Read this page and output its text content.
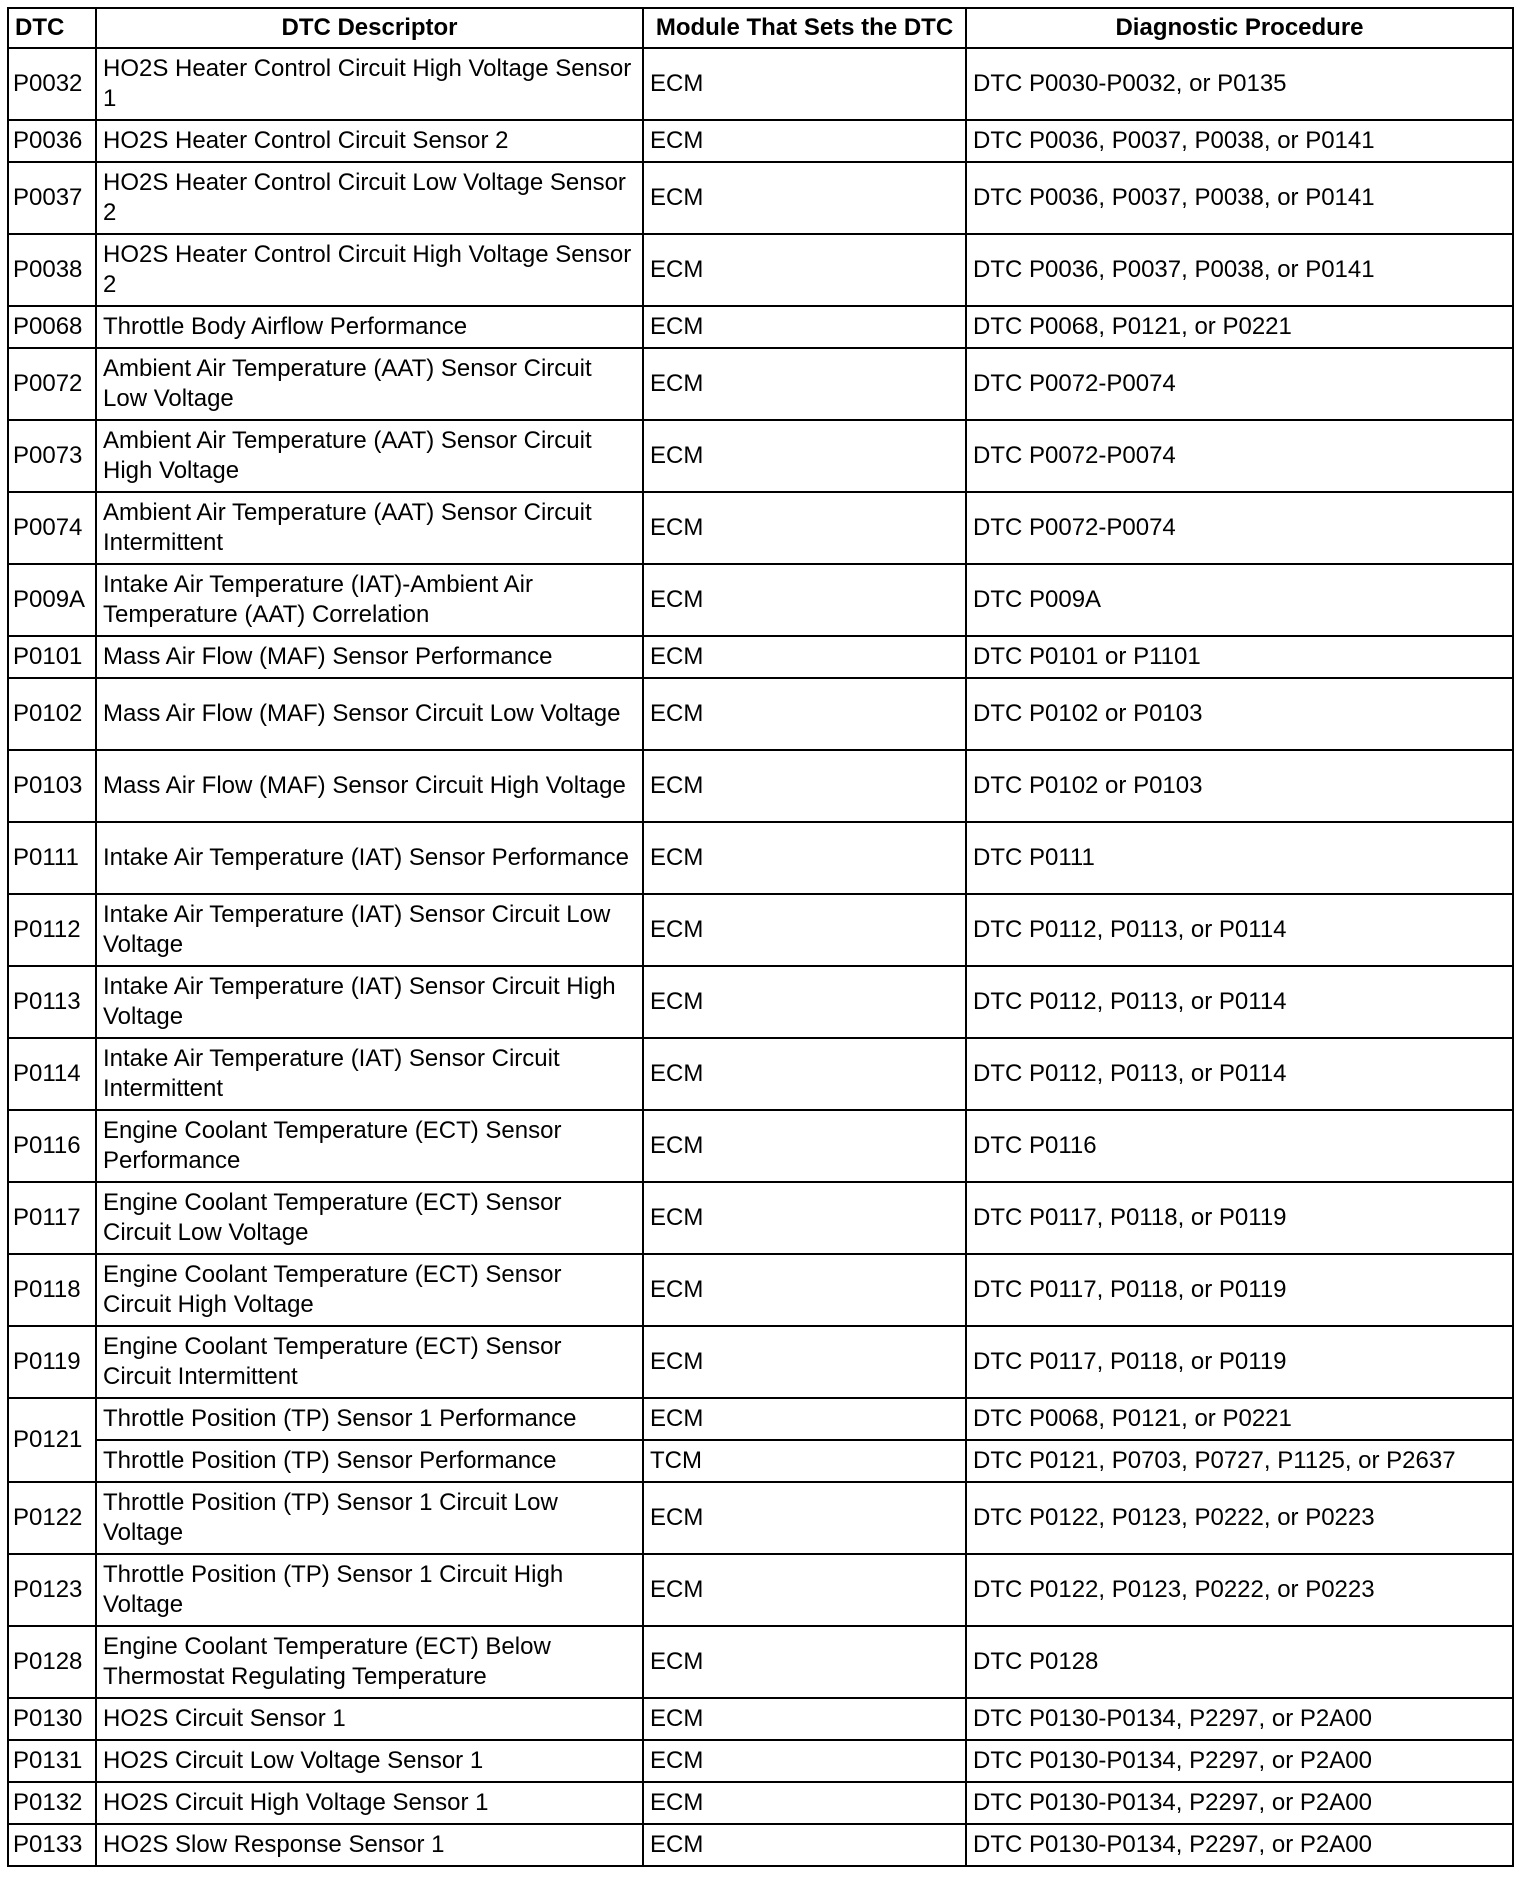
DTC	DTC Descriptor	Module That Sets the DTC	Diagnostic Procedure
P0032	HO2S Heater Control Circuit High Voltage Sensor 1	ECM	DTC P0030-P0032, or P0135
P0036	HO2S Heater Control Circuit Sensor 2	ECM	DTC P0036, P0037, P0038, or P0141
P0037	HO2S Heater Control Circuit Low Voltage Sensor 2	ECM	DTC P0036, P0037, P0038, or P0141
P0038	HO2S Heater Control Circuit High Voltage Sensor 2	ECM	DTC P0036, P0037, P0038, or P0141
P0068	Throttle Body Airflow Performance	ECM	DTC P0068, P0121, or P0221
P0072	Ambient Air Temperature (AAT) Sensor Circuit Low Voltage	ECM	DTC P0072-P0074
P0073	Ambient Air Temperature (AAT) Sensor Circuit High Voltage	ECM	DTC P0072-P0074
P0074	Ambient Air Temperature (AAT) Sensor Circuit Intermittent	ECM	DTC P0072-P0074
P009A	Intake Air Temperature (IAT)-Ambient Air Temperature (AAT) Correlation	ECM	DTC P009A
P0101	Mass Air Flow (MAF) Sensor Performance	ECM	DTC P0101 or P1101
P0102	Mass Air Flow (MAF) Sensor Circuit Low Voltage	ECM	DTC P0102 or P0103
P0103	Mass Air Flow (MAF) Sensor Circuit High Voltage	ECM	DTC P0102 or P0103
P0111	Intake Air Temperature (IAT) Sensor Performance	ECM	DTC P0111
P0112	Intake Air Temperature (IAT) Sensor Circuit Low Voltage	ECM	DTC P0112, P0113, or P0114
P0113	Intake Air Temperature (IAT) Sensor Circuit High Voltage	ECM	DTC P0112, P0113, or P0114
P0114	Intake Air Temperature (IAT) Sensor Circuit Intermittent	ECM	DTC P0112, P0113, or P0114
P0116	Engine Coolant Temperature (ECT) Sensor Performance	ECM	DTC P0116
P0117	Engine Coolant Temperature (ECT) Sensor Circuit Low Voltage	ECM	DTC P0117, P0118, or P0119
P0118	Engine Coolant Temperature (ECT) Sensor Circuit High Voltage	ECM	DTC P0117, P0118, or P0119
P0119	Engine Coolant Temperature (ECT) Sensor Circuit Intermittent	ECM	DTC P0117, P0118, or P0119
P0121	Throttle Position (TP) Sensor 1 Performance	ECM	DTC P0068, P0121, or P0221
	Throttle Position (TP) Sensor Performance	TCM	DTC P0121, P0703, P0727, P1125, or P2637
P0122	Throttle Position (TP) Sensor 1 Circuit Low Voltage	ECM	DTC P0122, P0123, P0222, or P0223
P0123	Throttle Position (TP) Sensor 1 Circuit High Voltage	ECM	DTC P0122, P0123, P0222, or P0223
P0128	Engine Coolant Temperature (ECT) Below Thermostat Regulating Temperature	ECM	DTC P0128
P0130	HO2S Circuit Sensor 1	ECM	DTC P0130-P0134, P2297, or P2A00
P0131	HO2S Circuit Low Voltage Sensor 1	ECM	DTC P0130-P0134, P2297, or P2A00
P0132	HO2S Circuit High Voltage Sensor 1	ECM	DTC P0130-P0134, P2297, or P2A00
P0133	HO2S Slow Response Sensor 1	ECM	DTC P0130-P0134, P2297, or P2A00
